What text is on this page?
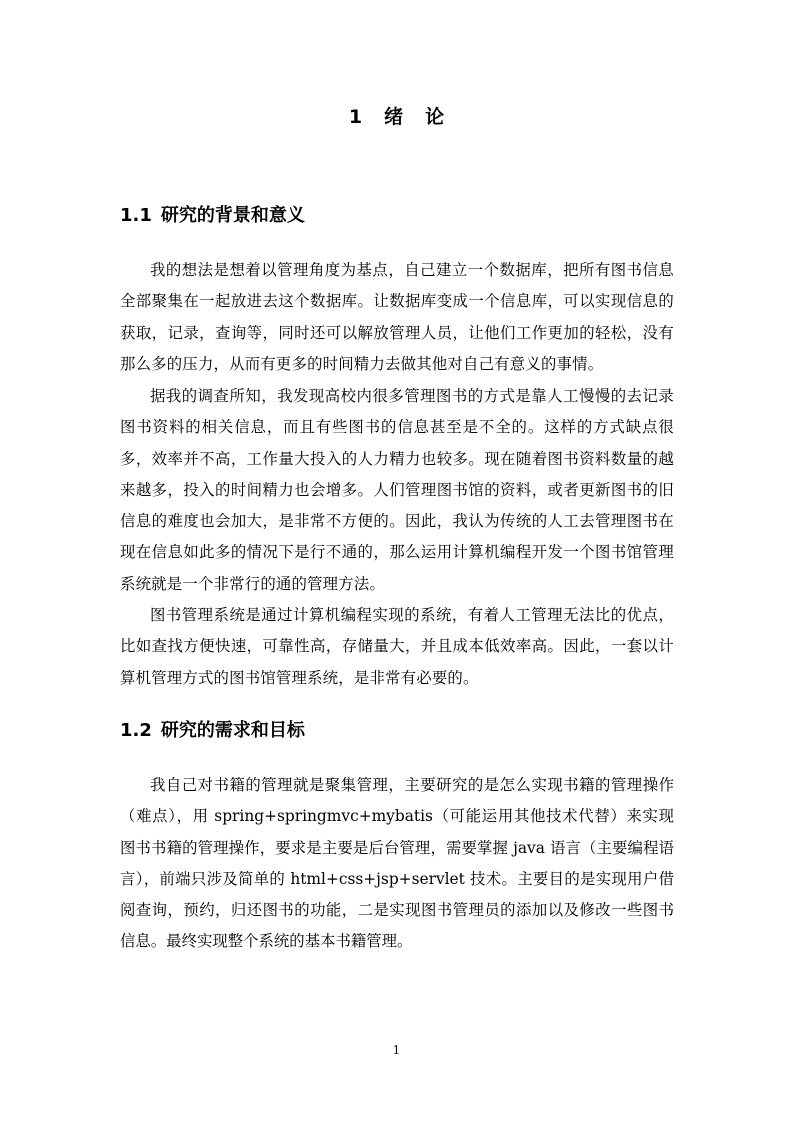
1 绪 论
1.1 研究的背景和意义

我的想法是想着以管理角度为基点，自己建立一个数据库，把所有图书信息全部聚集在一起放进去这个数据库。让数据库变成一个信息库，可以实现信息的获取，记录，查询等，同时还可以解放管理人员，让他们工作更加的轻松，没有那么多的压力，从而有更多的时间精力去做其他对自己有意义的事情。

据我的调查所知，我发现高校内很多管理图书的方式是靠人工慢慢的去记录图书资料的相关信息，而且有些图书的信息甚至是不全的。这样的方式缺点很多，效率并不高，工作量大投入的人力精力也较多。现在随着图书资料数量的越来越多，投入的时间精力也会增多。人们管理图书馆的资料，或者更新图书的旧信息的难度也会加大，是非常不方便的。因此，我认为传统的人工去管理图书在现在信息如此多的情况下是行不通的，那么运用计算机编程开发一个图书馆管理系统就是一个非常行的通的管理方法。

图书管理系统是通过计算机编程实现的系统，有着人工管理无法比的优点，比如查找方便快速，可靠性高，存储量大，并且成本低效率高。因此，一套以计算机管理方式的图书馆管理系统，是非常有必要的。

1.2 研究的需求和目标

我自己对书籍的管理就是聚集管理，主要研究的是怎么实现书籍的管理操作（难点），用 spring+springmvc+mybatis（可能运用其他技术代替）来实现图书书籍的管理操作，要求是主要是后台管理，需要掌握 java 语言（主要编程语言），前端只涉及简单的 html+css+jsp+servlet 技术。主要目的是实现用户借阅查询，预约，归还图书的功能，二是实现图书管理员的添加以及修改一些图书信息。最终实现整个系统的基本书籍管理。

1
